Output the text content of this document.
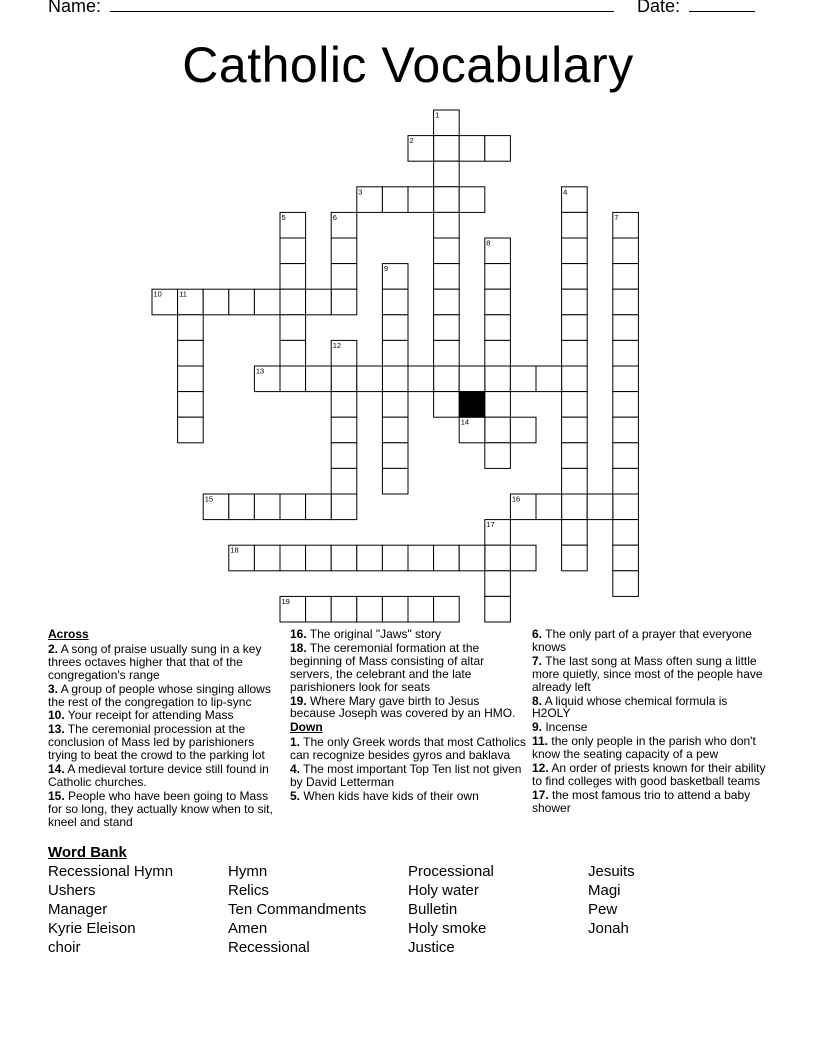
Name:	Date:
Catholic Vocabulary
1
2
3	4
5	6	7
8
9
10 11
12
13
14
15	16
17
18
19
Across
2. A song of praise usually sung in a key threes octaves higher that that of the congregation's range
3. A group of people whose singing allows the rest of the congregation to lip-sync
10. Your receipt for attending Mass
13. The ceremonial procession at the conclusion of Mass led by parishioners trying to beat the crowd to the parking lot
14. A medieval torture device still found in Catholic churches.
15. People who have been going to Mass for so long, they actually know when to sit, kneel and stand
16. The original "Jaws" story
18. The ceremonial formation at the beginning of Mass consisting of altar servers, the celebrant and the late parishioners look for seats
19. Where Mary gave birth to Jesus because Joseph was covered by an HMO.
Down
1. The only Greek words that most Catholics can recognize besides gyros and baklava
4. The most important Top Ten list not given by David Letterman
5. When kids have kids of their own
6. The only part of a prayer that everyone knows
7. The last song at Mass often sung a little more quietly, since most of the people have already left
8. A liquid whose chemical formula is H2OLY
9. Incense
11. the only people in the parish who don't know the seating capacity of a pew
12. An order of priests known for their ability to find colleges with good basketball teams
17. the most famous trio to attend a baby shower
Word Bank
Recessional Hymn	Hymn	Processional	Jesuits
Ushers	Relics	Holy water	Magi
Manager	Ten Commandments	Bulletin	Pew
Kyrie Eleison	Amen	Holy smoke	Jonah
choir	Recessional	Justice
